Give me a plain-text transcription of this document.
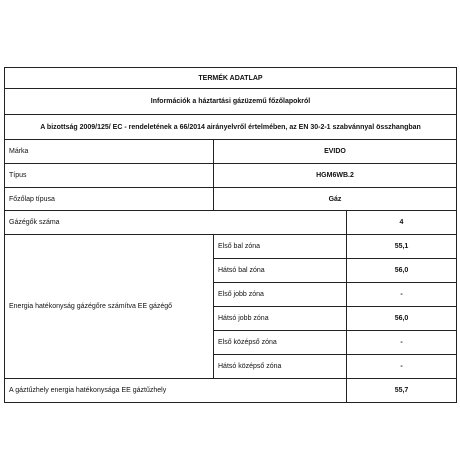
TERMÉK ADATLAP		
Információk a háztartási gázüzemű főzőlapokról		
A bizottság 2009/125/ EC - rendeletének a 66/2014 airányelvről értelmében, az EN 30-2-1 szabvánnyal összhangban		
Márka	EVIDO	
Típus	HGM6WB.2	
Főzőlap típusa	Gáz	
Gázégők száma		4
Energia hatékonyság gázégőre számítva EE gázégő	Első bal zóna	55,1
	Hátsó bal zóna	56,0
	Első jobb zóna	-
	Hátsó jobb zóna	56,0
	Első középső zóna	-
	Hátsó középső zóna	-
A gáztűzhely energia hatékonysága EE gáztűzhely		55,7
